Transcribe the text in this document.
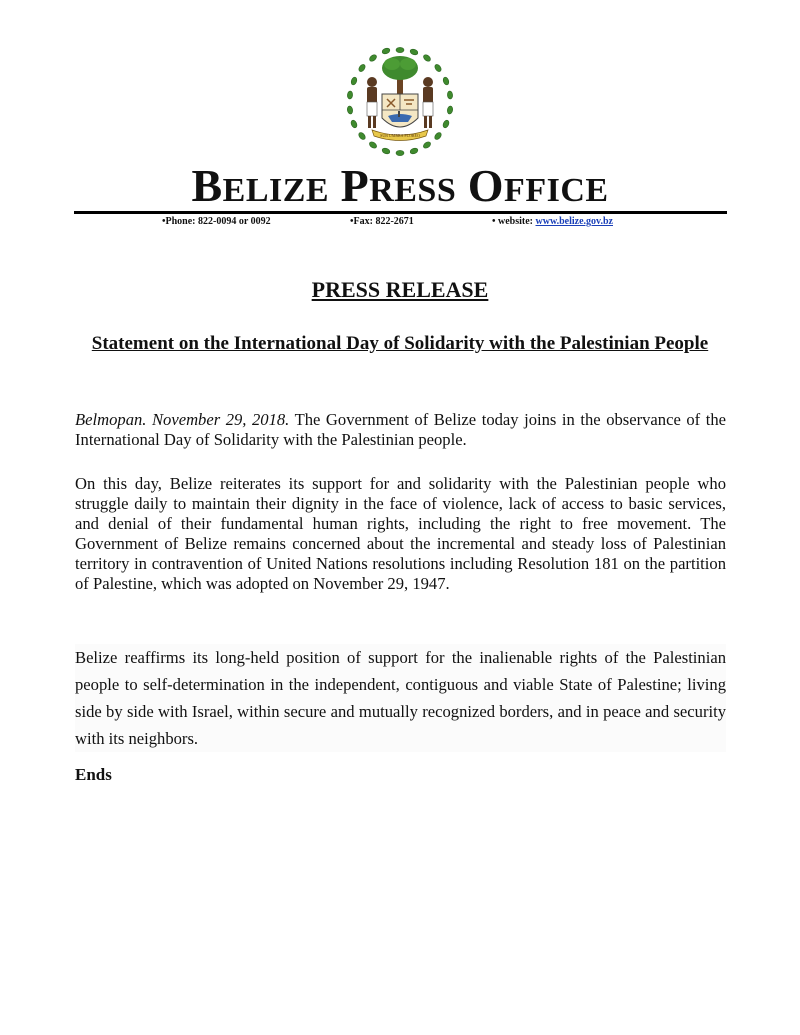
SUB UMBRA FLOREO
BELIZE PRESS OFFICE
•Phone: 822-0094 or 0092	•Fax: 822-2671	• website: www.belize.gov.bz
PRESS RELEASE
Statement on the International Day of Solidarity with the Palestinian People
Belmopan. November 29, 2018. The Government of Belize today joins in the observance of the International Day of Solidarity with the Palestinian people.
On this day, Belize reiterates its support for and solidarity with the Palestinian people who struggle daily to maintain their dignity in the face of violence, lack of access to basic services, and denial of their fundamental human rights, including the right to free movement. The Government of Belize remains concerned about the incremental and steady loss of Palestinian territory in contravention of United Nations resolutions including Resolution 181 on the partition of Palestine, which was adopted on November 29, 1947.
Belize reaffirms its long-held position of support for the inalienable rights of the Palestinian people to self-determination in the independent, contiguous and viable State of Palestine; living side by side with Israel, within secure and mutually recognized borders, and in peace and security with its neighbors.
Ends
